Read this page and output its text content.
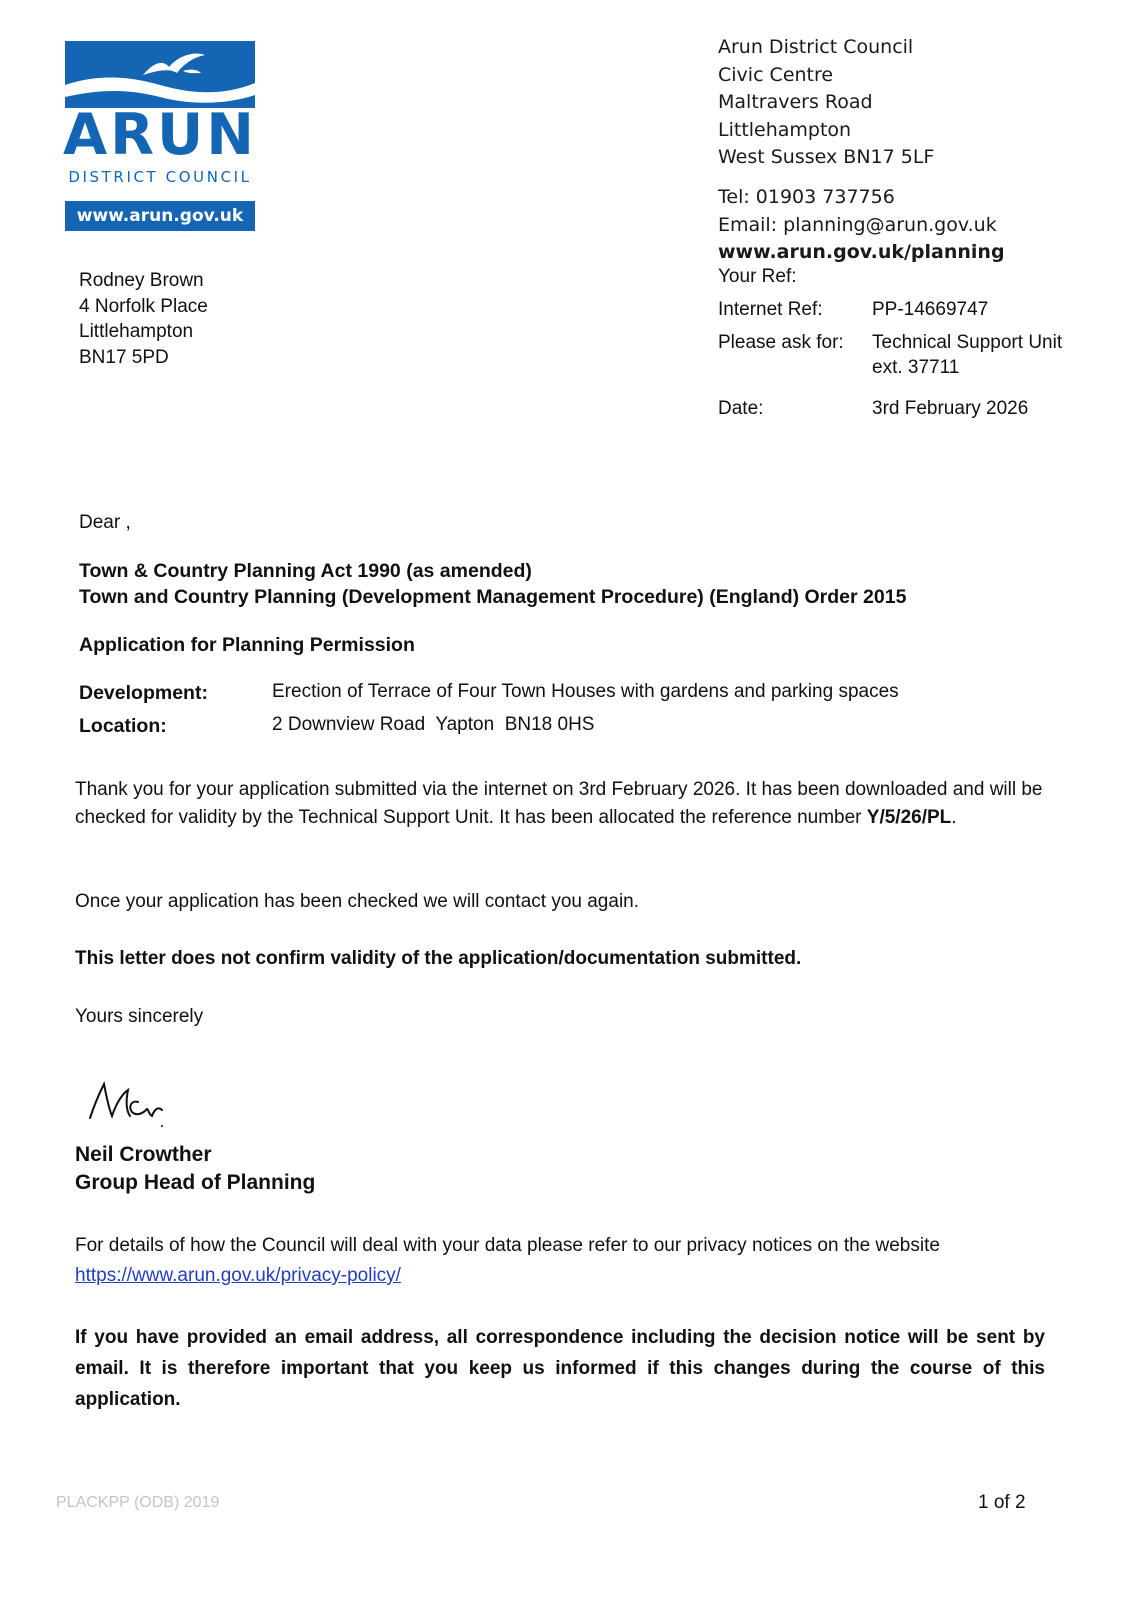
ARUN
DISTRICT COUNCIL
www.arun.gov.uk
Arun District Council
Civic Centre
Maltravers Road
Littlehampton
West Sussex BN17 5LF
Tel: 01903 737756
Email: planning@arun.gov.uk
www.arun.gov.uk/planning
Your Ref:
Internet Ref:	PP-14669747
Please ask for: Technical Support Unit
ext. 37711
Date:	3rd February 2026
Rodney Brown
4 Norfolk Place
Littlehampton
BN17 5PD
Dear ,
Town & Country Planning Act 1990 (as amended)
Town and Country Planning (Development Management Procedure) (England) Order 2015
Application for Planning Permission
Development:	Erection of Terrace of Four Town Houses with gardens and parking spaces
Location:	2 Downview Road  Yapton  BN18 0HS
Thank you for your application submitted via the internet on 3rd February 2026. It has been downloaded and will be checked for validity by the Technical Support Unit. It has been allocated the reference number Y/5/26/PL.
Once your application has been checked we will contact you again.
This letter does not confirm validity of the application/documentation submitted.
Yours sincerely
Neil Crowther
Group Head of Planning
For details of how the Council will deal with your data please refer to our privacy notices on the website
https://www.arun.gov.uk/privacy-policy/
If you have provided an email address, all correspondence including the decision notice will be sent by email. It is therefore important that you keep us informed if this changes during the course of this application.
PLACKPP (ODB) 2019	1 of 2
